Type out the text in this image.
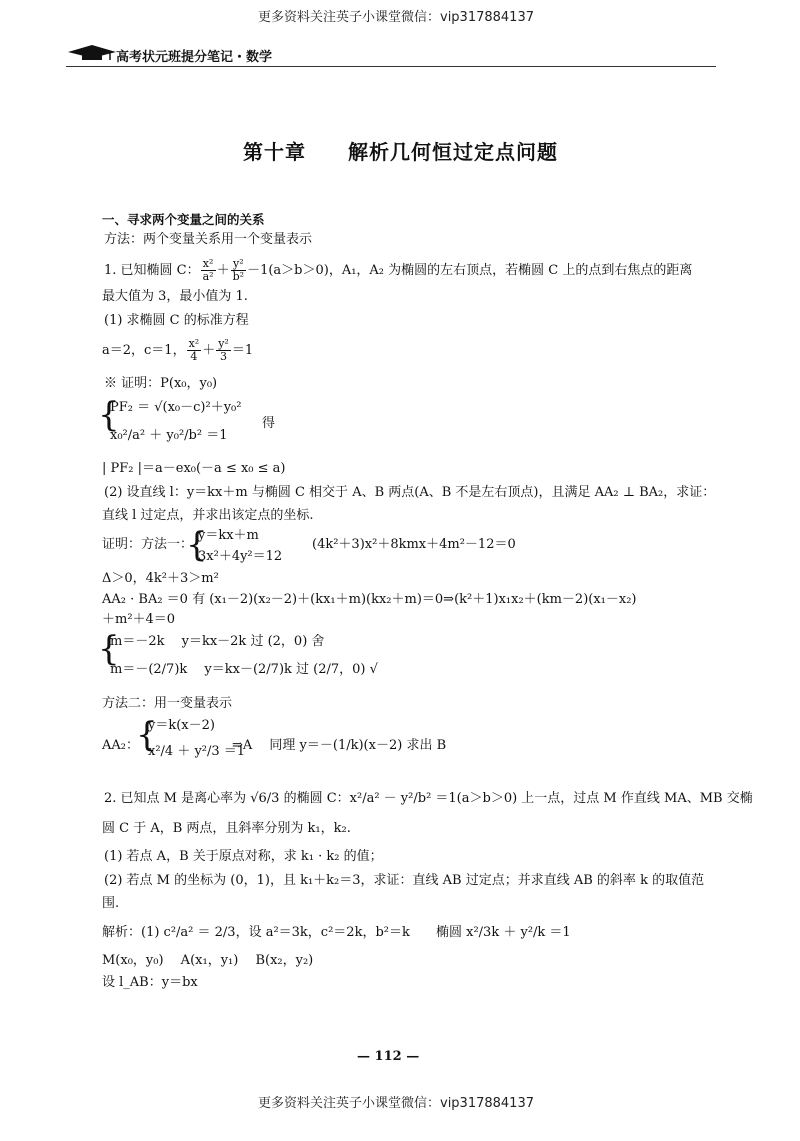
更多资料关注英子小课堂微信：vip317884137
更多资料关注英子小课堂微信：vip317884137
高考状元班提分笔记・数学
第十章　　解析几何恒过定点问题
一、寻求两个变量之间的关系
方法：两个变量关系用一个变量表示
1. 已知椭圆 C： $\frac{\text{x²}}{\text{a²}} + \frac{\text{y²}}{\text{b²}} -1(a>b>0)$，A₁，A₂ 为椭圆的左右顶点，若椭圆 C 上的点到右焦点的距离
最大值为 3，最小值为 1.
(1) 求椭圆 C 的标准方程
a＝2，c＝1， $\frac{\text{x²}}{4} + \frac{\text{y²}}{3} =1$
※ 证明：P(x₀，y₀)
{
PF₂ ＝ √(x₀－c)²＋y₀²
x₀²/a² ＋ y₀²/b² ＝1
得
| PF₂ |＝a－ex₀(－a ≤ x₀ ≤ a)
(2) 设直线 l：y＝kx＋m 与椭圆 C 相交于 A、B 两点(A、B 不是左右顶点)，且满足 AA₂ ⊥ BA₂，求证：
直线 l 过定点，并求出该定点的坐标.
证明：方法一：
{
y＝kx＋m
3x²＋4y²＝12
(4k²＋3)x²＋8kmx＋4m²－12＝0
Δ＞0，4k²＋3＞m²
AA₂ · BA₂ ＝0 有 (x₁－2)(x₂－2)＋(kx₁＋m)(kx₂＋m)＝0⇒(k²＋1)x₁x₂＋(km－2)(x₁－x₂)
＋m²＋4＝0
{
m＝－2k　 y＝kx－2k 过 (2，0) 舍
m＝－(2/7)k　 y＝kx－(2/7)k 过 (2/7，0) √
方法二：用一变量表示
AA₂：
{
y＝k(x－2)
x²/4 ＋ y²/3 ＝1
⇒A　 同理 y＝－(1/k)(x－2) 求出 B
2. 已知点 M 是离心率为 √6/3 的椭圆 C：x²/a² － y²/b² ＝1(a＞b＞0) 上一点，过点 M 作直线 MA、MB 交椭
圆 C 于 A，B 两点，且斜率分别为 k₁，k₂.
(1) 若点 A，B 关于原点对称，求 k₁ · k₂ 的值；
(2) 若点 M 的坐标为 (0，1)，且 k₁＋k₂＝3，求证：直线 AB 过定点；并求直线 AB 的斜率 k 的取值范
围.
解析：(1) c²/a² ＝ 2/3，设 a²＝3k，c²＝2k，b²＝k 椭圆 x²/3k ＋ y²/k ＝1
M(x₀，y₀)　 A(x₁，y₁)　 B(x₂，y₂)
设 l_AB：y＝bx
— 112 —
